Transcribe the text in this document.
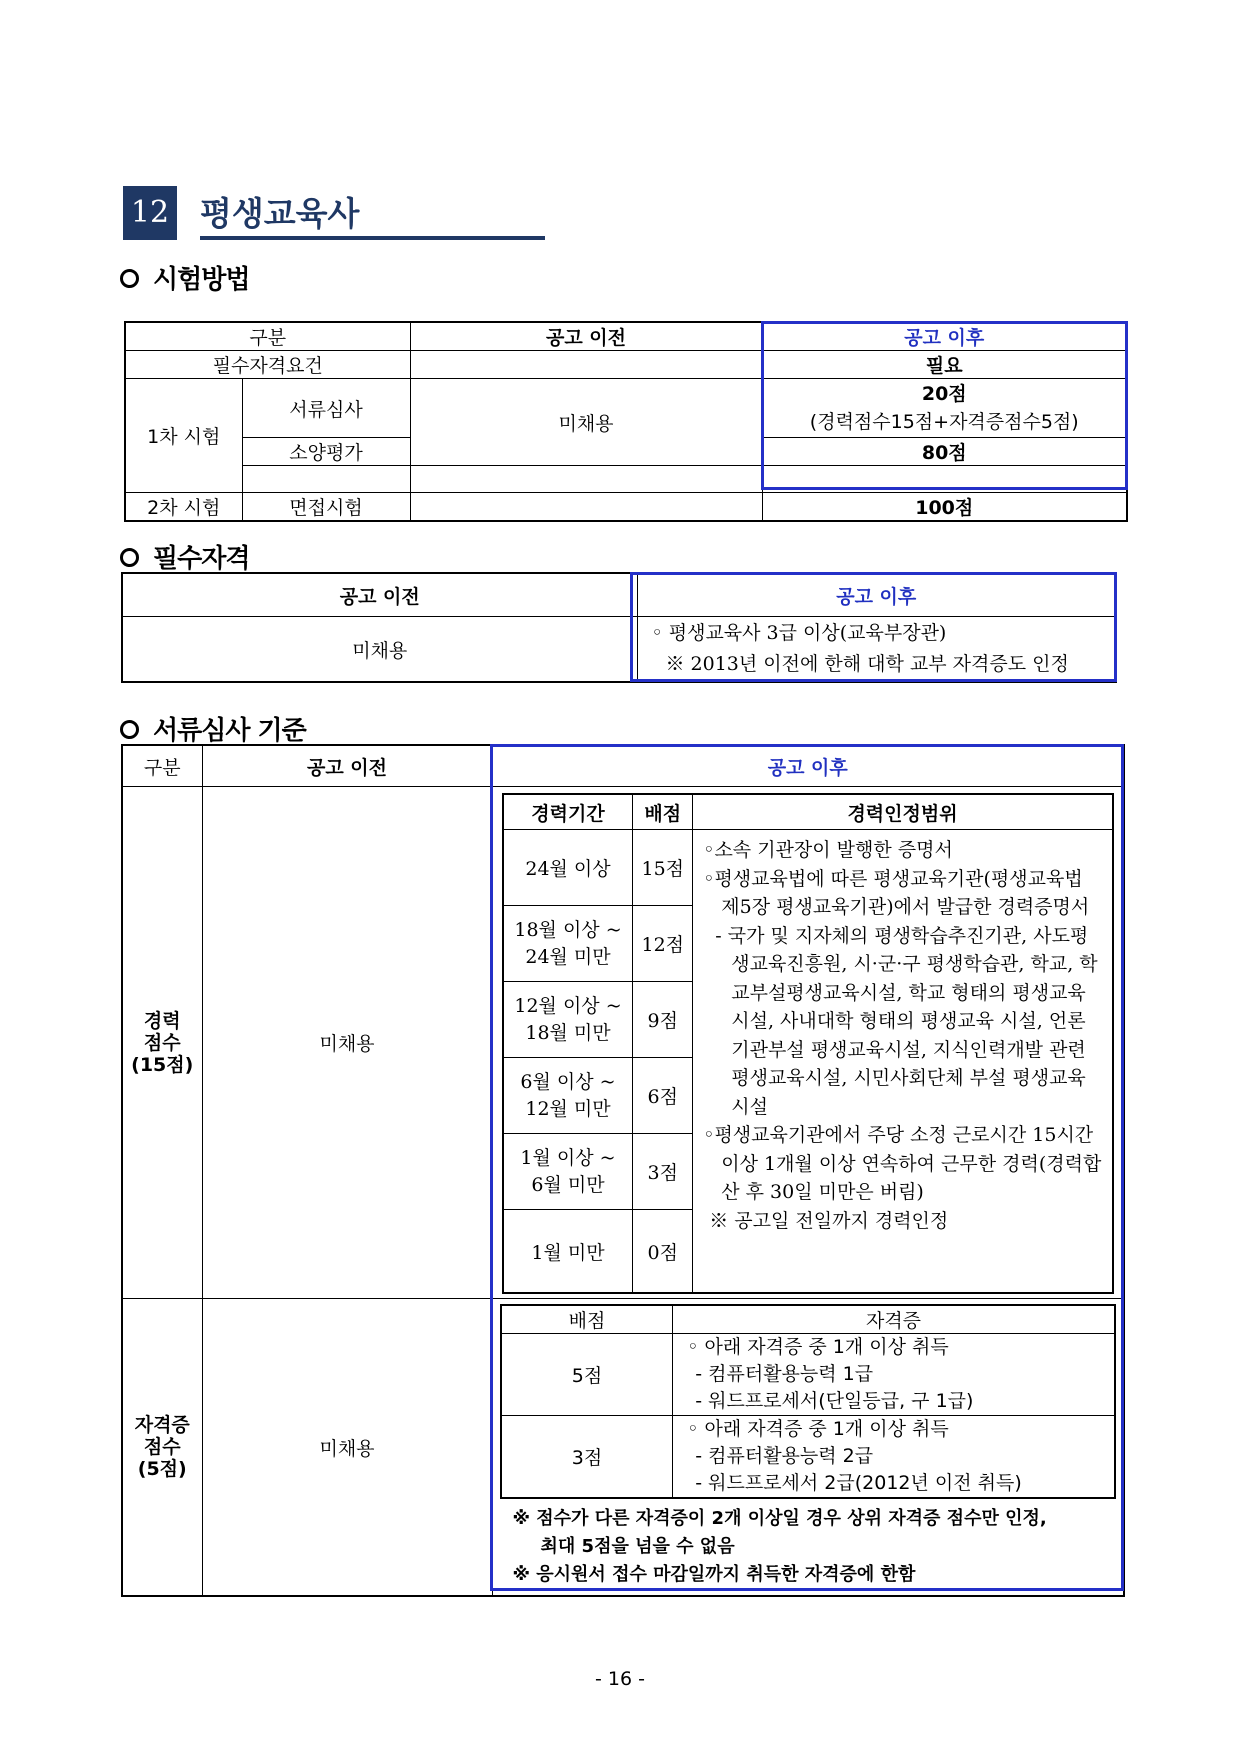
12 평생교육사
시험방법
구분		공고 이전	공고 이후
필수자격요건			필요
1차 시험	서류심사	미채용	20점
(경력점수15점+자격증점수5점)

	소양평가		80점

2차 시험	면접시험		100점
필수자격
공고 이전	공고 이후
미채용	◦ 평생교육사 3급 이상(교육부장관)
※ 2013년 이전에 한해 대학 교부 자격증도 인정
서류심사 기준
구분	공고 이전	공고 이후

경력
점수
(15점)
	미채용	
경력기간	배점	경력인정범위
24월 이상	15점	

◦소속 기관장이 발행한 증명서

◦평생교육법에 따른 평생교육기관(평생교육법 제5장 평생교육기관)에서 발급한 경력증명서

- 국가 및 지자체의 평생학습추진기관, 사도평생교육진흥원, 시·군·구 평생학습관, 학교, 학교부설평생교육시설, 학교 형태의 평생교육시설, 사내대학 형태의 평생교육 시설, 언론기관부설 평생교육시설, 지식인력개발 관련 평생교육시설, 시민사회단체 부설 평생교육시설

◦평생교육기관에서 주당 소정 근로시간 15시간 이상 1개월 이상 연속하여 근무한 경력(경력합산 후 30일 미만은 버림)

※ 공고일 전일까지 경력인정

18월 이상 ~
24월 미만
	12점

12월 이상 ~
18월 미만
	9점

6월 이상 ~
12월 미만
	6점

1월 이상 ~
6월 미만
	3점
1월 미만	0점

자격증
점수
(5점)
	미채용	
배점	자격증
5점	
◦ 아래 자격증 중 1개 이상 취득
- 컴퓨터활용능력 1급
- 워드프로세서(단일등급, 구 1급)

3점	
◦ 아래 자격증 중 1개 이상 취득
- 컴퓨터활용능력 2급
- 워드프로세서 2급(2012년 이전 취득)
※ 점수가 다른 자격증이 2개 이상일 경우 상위 자격증 점수만 인정,
최대 5점을 넘을 수 없음
※ 응시원서 접수 마감일까지 취득한 자격증에 한함
- 16 -
